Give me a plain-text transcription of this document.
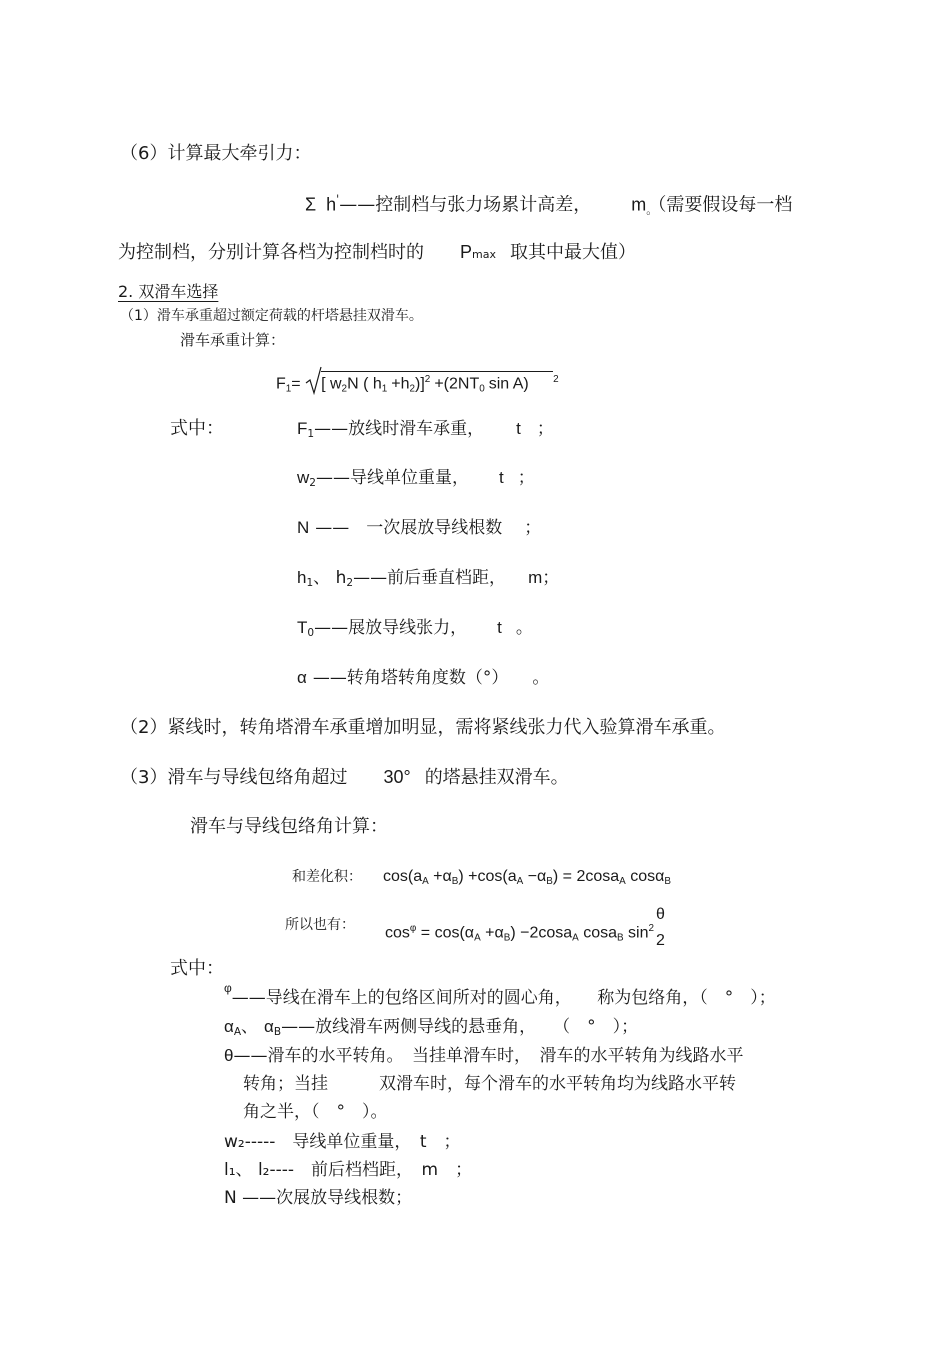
（6）计算最大牵引力：
Σ h'——控制档与张力场累计高差， $m_。$（需要假设每一档
为控制档，分别计算各档为控制档时的 Pmax 取其中最大值）
2. 双滑车选择
（1）滑车承重超过额定荷载的杆塔悬挂双滑车。
滑车承重计算：
$F_1=$ [ $w_2N$ ( $h_1 +h_2)]^2 +(2NT_0$ sin A) $^2$
式中：	$F_1——$放线时滑车承重， t ；
$w_2——$导线单位重量， t ；
N ——　一次展放导线根数 ；
$h_1$、 $h_2——$前后垂直档距， m；
$T_0——$展放导线张力， t 。
α ——转角塔转角度数（°） 。
（2）紧线时，转角塔滑车承重增加明显，需将紧线张力代入验算滑车承重。
（3）滑车与导线包络角超过 30° 的塔悬挂双滑车。
滑车与导线包络角计算：
和差化积： $\cos(a_A +\alpha_B) +\cos(a_A -\alpha_B) = 2\cos a_A$ cosα$_B$
所以也有： $\cos^\varphi = \cos(\alpha_A +\alpha_B) -2\cos a_A$ cosa$_B$ $\sin^2$
θ
2
式中：
$^\varphi$——导线在滑车上的包络区间所对的圆心角，　　称为包络角，（　°　）；
$\alpha_A$、 $\alpha_B——$放线滑车两侧导线的悬垂角，　　（　°　）；
θ——滑车的水平转角。　当挂单滑车时，　滑车的水平转角为线路水平
转角；当挂　　　双滑车时，每个滑车的水平转角均为线路水平转
角之半，（　°　）。
w₂-----　导线单位重量，　t　；
l₁、 l₂----　前后档档距，　m　；
N ——次展放导线根数；
